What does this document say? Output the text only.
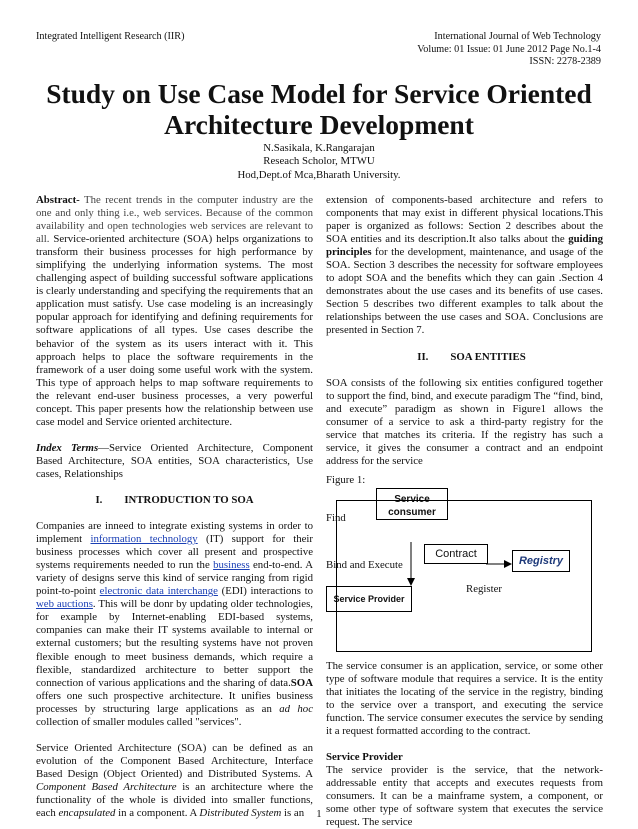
Integrated Intelligent Research (IIR)	International Journal of Web Technology
Volume: 01 Issue: 01 June 2012 Page No.1-4
ISSN: 2278-2389
Study on Use Case Model for Service Oriented Architecture Development
N.Sasikala, K.Rangarajan
Reseach Scholor, MTWU
Hod,Dept.of Mca,Bharath University.

Abstract- The recent trends in the computer industry are the one and only thing i.e., web services. Because of the common availability and open technologies web services are relevant to all. Service-oriented architecture (SOA) helps organizations to transform their business processes for high performance by simplifying the underlying information systems. The most challenging aspect of building successful software applications is clearly understanding and specifying the requirements that an application must satisfy. Use case modeling is an increasingly popular approach for identifying and defining requirements for software applications of all types. Use cases describe the behavior of the system as its users interact with it. This approach helps to place the software requirements in the framework of a user doing some useful work with the system. This type of approach helps to map software requirements to the relevant end-user business processes, a very powerful concept. This paper presents how the relationship between use case model and Service oriented architecture.

Index Terms—Service Oriented Architecture, Component Based Architecture, SOA entities, SOA characteristics, Use cases, Relationships

I. INTRODUCTION TO SOA

Companies are inneed to integrate existing systems in order to implement information technology (IT) support for their business processes which cover all present and prospective systems requirements needed to run the business end-to-end. A variety of designs serve this kind of service ranging from rigid point-to-point electronic data interchange (EDI) interactions to web auctions. This will be donr by updating older technologies, for example by Internet-enabling EDI-based systems, companies can make their IT systems available to internal or external customers; but the resulting systems have not proven flexible enough to meet business demands, which require a flexible, standardized architecture to better support the connection of various applications and the sharing of data.SOA offers one such prospective architecture. It unifies business processes by structuring large applications as an ad hoc collection of smaller modules called "services".

Service Oriented Architecture (SOA) can be defined as an evolution of the Component Based Architecture, Interface Based Design (Object Oriented) and Distributed Systems. A Component Based Architecture is an architecture where the functionality of the whole is divided into smaller functions, each encapsulated in a component. A Distributed System is an

extension of components-based architecture and refers to components that may exist in different physical locations.This paper is organized as follows: Section 2 describes about the SOA entities and its description.It also talks about the guiding principles for the development, maintenance, and usage of the SOA. Section 3 describes the necessity for software employees to adopt SOA and the benefits which they can gain .Section 4 demonstrates about the use cases and its benefits of use cases. Section 5 describes two different examples to talk about the relationships between the use cases and SOA. Conclusions are presented in Section 7.

II. SOA ENTITIES

SOA consists of the following six entities configured together to support the find, bind, and execute paradigm The “find, bind, and execute” paradigm as shown in Figure1 allows the consumer of a service to ask a third-party registry for the service that matches its criteria. If the registry has such a service, it gives the consumer a contract and an endpoint address for the service

Figure 1:
Find
Bind and Execute
Register
Service
consumer
Contract
Registry
Service Provider

The service consumer is an application, service, or some other type of software module that requires a service. It is the entity that initiates the locating of the service in the registry, binding to the service over a transport, and executing the service function. The service consumer executes the service by sending it a request formatted according to the contract.

Service Provider
The service provider is the service, that the network-addressable entity that accepts and executes requests from consumers. It can be a mainframe system, a component, or some other type of software system that executes the service request. The service

1
